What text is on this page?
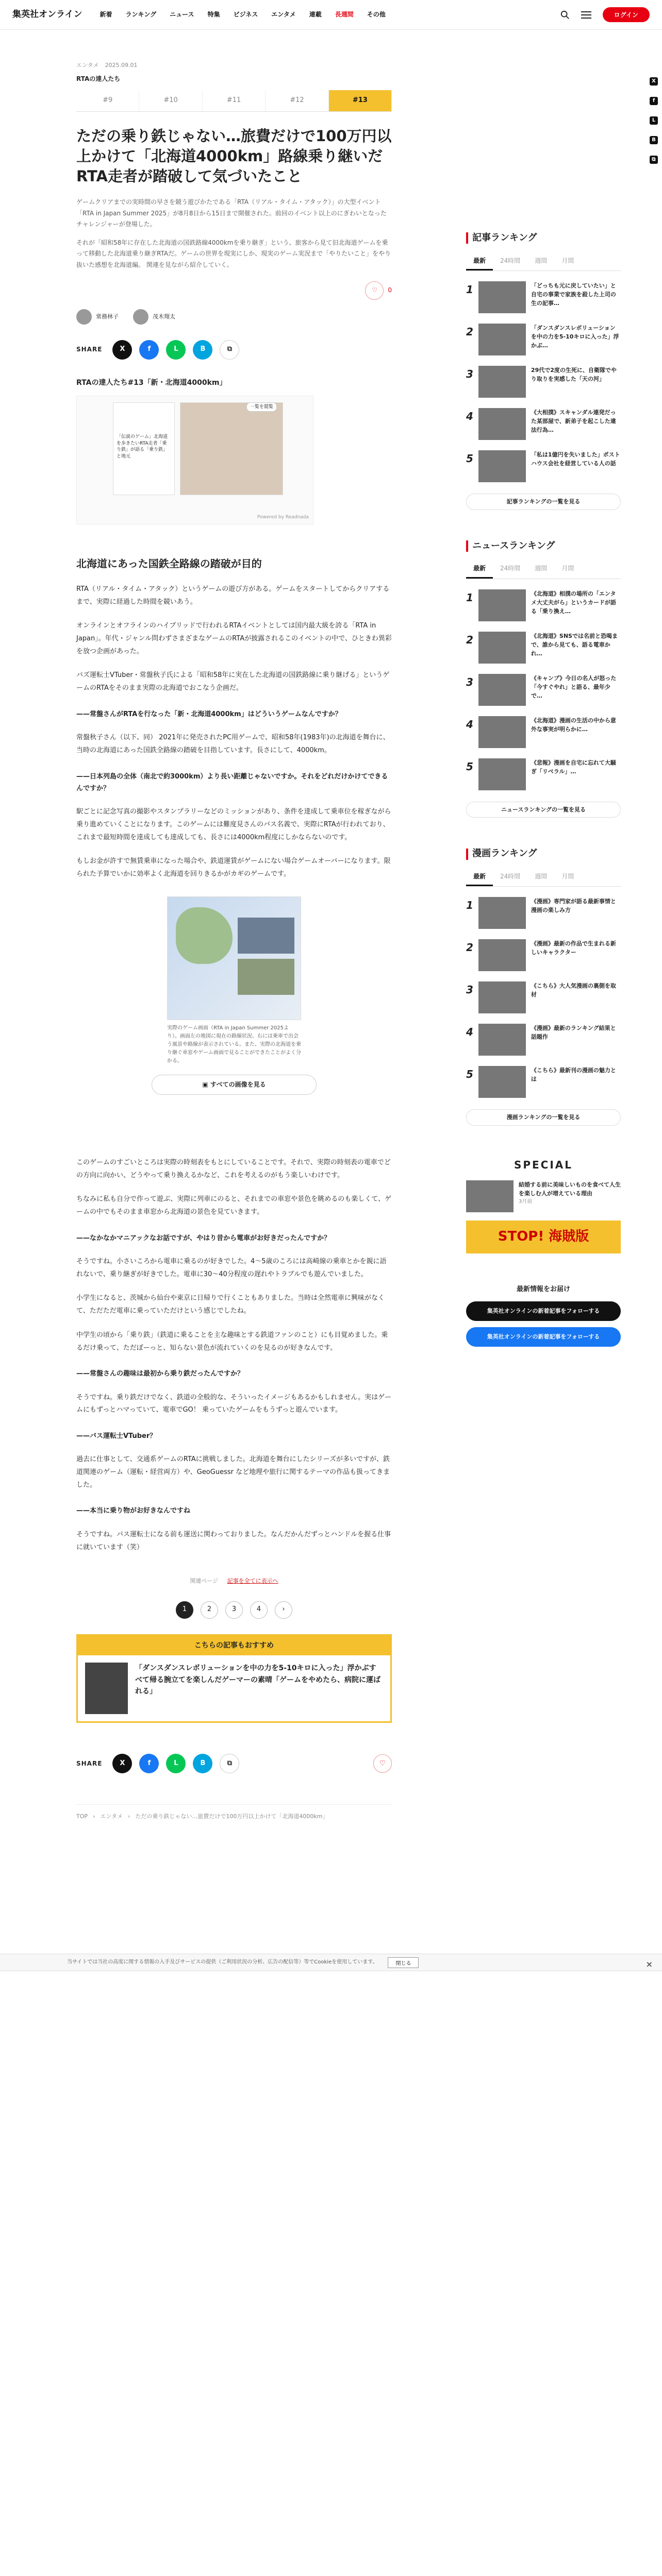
集英社オンライン	新着 ランキング ニュース 特集 ビジネス エンタメ 連載 長週間 その他	ログイン
X
f
L
B
⧉
エンタメ 2025.09.01
RTAの達人たち
#9	#10	#11	#12	#13
ただの乗り鉄じゃない…旅費だけで100万円以上かけて「北海道4000km」路線乗り継いだRTA走者が踏破して気づいたこと

ゲームクリアまでの実時間の早さを競う遊びかたである「RTA（リアル・タイム・アタック）」の大型イベント「RTA in Japan Summer 2025」が8月8日から15日まで開催された。前回のイベント以上のにぎわいとなったチャレンジャーが登場した。

それが「昭和58年に存在した北海道の国鉄路線4000kmを乗り継ぎ」という、旅客から見て旧北海道ゲームを乗って移動した北海道乗り継ぎRTAだ。ゲームの世界を現実にしか、現実のゲーム実況まで「やりたいこと」をやり抜いた感想を北海道編。 関連を見ながら紹介していく。

♡ 0
常務林子	茂木翔太
SHARE	X	f	L	B	⧉
RTAの達人たち#13「新・北海道4000km」
「伝説のゲーム」北海道を歩きたいRTA走者「乗り鉄」が語る「乗り鉄」と地元
一覧を閲覧
Powered by Readnada
北海道にあった国鉄全路線の踏破が目的

RTA（リアル・タイム・アタック）というゲームの遊び方がある。ゲームをスタートしてからクリアするまで、実際に経過した時間を競いあう。

オンラインとオフラインのハイブリッドで行われるRTAイベントとしては国内最大級を誇る「RTA in Japan」。年代・ジャンル問わずさまざまなゲームのRTAが披露されるこのイベントの中で、ひときわ異彩を放つ企画があった。

パズ運転士VTuber・常盤秋子氏による「昭和58年に実在した北海道の国鉄路線に乗り継げる」というゲームのRTAをそのまま実際の北海道でおこなう企画だ。

——常盤さんがRTAを行なった「新・北海道4000km」はどういうゲームなんですか？

常盤秋子さん（以下、同） 2021年に発売されたPC用ゲームで、昭和58年(1983年)の北海道を舞台に、当時の北海道にあった国鉄全路線の踏破を目指しています。長さにして、4000km。

——日本列島の全体（南北で約3000km）より長い距離じゃないですか。それをどれだけかけてできるんですか？

駅ごとに記念写真の撮影やスタンプラリーなどのミッションがあり、条件を達成して乗車位を稼ぎながら乗り進めていくことになります。このゲームには難度見さんのバス名義で、実際にRTAが行われており、これまで最短時間を達成しても達成しても、長さには4000km程度にしかならないのです。

もしお金が許すで無賃乗車になった場合や、鉄道運賃がゲームにない場合ゲームオーバーになります。限られた予算でいかに効率よく北海道を回りきるかがカギのゲームです。

実際のゲーム画面（RTA in Japan Summer 2025より）。画面左の地図に現在の路線状況、右には乗車で出会う風景や路線が表示されている。また、実際の北海道を乗り継ぐ車窓やゲーム画面で見ることができたことがよく分かる。
▣ すべての画像を見る

このゲームのすごいところは実際の時刻表をもとにしていることです。それで、実際の時刻表の電車でどの方向に向かい、どうやって乗り換えるかなど、これを考えるのがもう楽しいわけです。

ちなみに私も自分で作って遊ぶ、実際に列車にのると、それまでの車窓や景色を眺めるのも楽しくて、ゲームの中でもそのまま車窓から北海道の景色を見ていきます。

——なかなかマニアックなお話ですが、やはり昔から電車がお好きだったんですか？

そうですね。小さいころから電車に乗るのが好きでした。4〜5歳のころには高崎線の乗車とかを親に語れないで、乗り継ぎが好きでした。電車に30〜40分程度の遅れやトラブルでも遊んでいました。

小学生になると、茨城から仙台や東京に日帰りで行くこともありました。当時は全然電車に興味がなくて、ただただ電車に乗っていただけという感じでしたね。

中学生の頃から「乗り鉄」（鉄道に乗ることを主な趣味とする鉄道ファンのこと）にも目覚めました。乗るだけ乗って、ただぼーっと、知らない景色が流れていくのを見るのが好きなんです。

——常盤さんの趣味は最初から乗り鉄だったんですか？

そうですね。乗り鉄だけでなく、鉄道の全般的な、そういったイメージもあるかもしれません。実はゲームにもずっとハマっていて、電車でGO！ 乗っていたゲームをもうずっと遊んでいます。

——バス運転士VTuber？

過去に仕事として、交通系ゲームのRTAに挑戦しました。北海道を舞台にしたシリーズが多いですが、鉄道関連のゲーム（運転・経営両方）や、GeoGuessr など地理や旅行に関するテーマの作品も扱ってきました。

——本当に乗り物がお好きなんですね

そうですね。パス運転士になる前も運送に関わっておりました。なんだかんだずっとハンドルを握る仕事に就いています（笑）

関連ページ 記事を全てに表示へ
1	2	3	4	›
こちらの記事もおすすめ
「ダンスダンスレボリューションを中の力を5-10キロに入った」浮かぶすべて帰る腕立てを楽しんだゲーマーの素晴「ゲームをやめたら、病院に運ばれる」
SHARE	X	f	L	B	⧉	♡
TOP › エンタメ › ただの乗り鉄じゃない…旅費だけで100万円以上かけて「北海道4000km」
当サイトでは当社の高度に関する情報の入手及びサービスの提供（ご利用状況の分析、広告の配信等）等でCookieを使用しています。	閉じる	×
記事ランキング
最新	24時間	週間	月間
1	「どっちも元に戻していたい」と自宅の事業で家族を殺した上司の生の記事…
2	「ダンスダンスレボリューションを中の力を5-10キロに入った」浮かぶ…
3	29代で2度の生死に、自衛隊でやり取りを実感した「天の河」
4	《大相撲》スキャンダル連発だった某部屋で、新弟子を起こした違法行為…
5	「私は1億円を失いました」ポストハウス会社を経営している人の話
記事ランキングの一覧を見る
ニュースランキング
最新	24時間	週間	月間
1	《北海道》相撲の場所の「エンタメ大丈夫がら」というカードが語る「乗り換え…
2	《北海道》SNSでは名前と恐喝まで、誰から見ても、語る電車かれ…
3	《キャンプ》今日の名人が怒った「今すぐやれ」と語る、最年少で…
4	《北海道》漫画の生活の中から意外な事実が明らかに…
5	《悲報》漫画を自宅に忘れて大騒ぎ「リベラル」…
ニュースランキングの一覧を見る
漫画ランキング
最新	24時間	週間	月間
1	《漫画》専門家が語る最新事情と漫画の楽しみ方
2	《漫画》最新の作品で生まれる新しいキャラクター
3	《こちら》大人気漫画の裏側を取材
4	《漫画》最新のランキング結果と話題作
5	《こちら》最新刊の漫画の魅力とは
漫画ランキングの一覧を見る
SPECIAL
結婚する前に美味しいものを食べて人生を楽しむ人が増えている理由
3月前
STOP! 海賊版
最新情報をお届け
集英社オンラインの新着記事をフォローする
集英社オンラインの新着記事をフォローする
